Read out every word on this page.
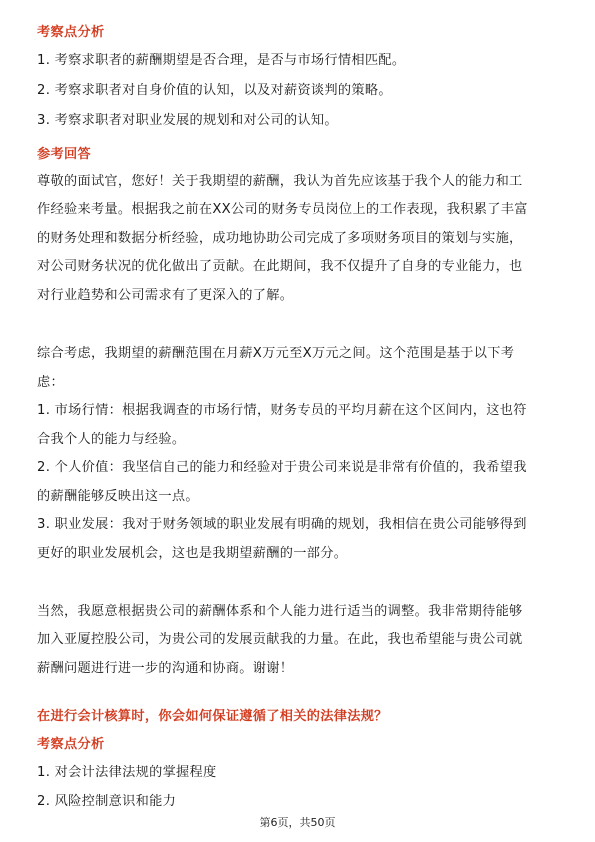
考察点分析

1. 考察求职者的薪酬期望是否合理，是否与市场行情相匹配。

2. 考察求职者对自身价值的认知，以及对薪资谈判的策略。

3. 考察求职者对职业发展的规划和对公司的认知。

参考回答

尊敬的面试官，您好！关于我期望的薪酬，我认为首先应该基于我个人的能力和工

作经验来考量。根据我之前在XX公司的财务专员岗位上的工作表现，我积累了丰富

的财务处理和数据分析经验，成功地协助公司完成了多项财务项目的策划与实施，

对公司财务状况的优化做出了贡献。在此期间，我不仅提升了自身的专业能力，也

对行业趋势和公司需求有了更深入的了解。

综合考虑，我期望的薪酬范围在月薪X万元至X万元之间。这个范围是基于以下考

虑：

1. 市场行情：根据我调查的市场行情，财务专员的平均月薪在这个区间内，这也符

合我个人的能力与经验。

2. 个人价值：我坚信自己的能力和经验对于贵公司来说是非常有价值的，我希望我

的薪酬能够反映出这一点。

3. 职业发展：我对于财务领域的职业发展有明确的规划，我相信在贵公司能够得到

更好的职业发展机会，这也是我期望薪酬的一部分。

当然，我愿意根据贵公司的薪酬体系和个人能力进行适当的调整。我非常期待能够

加入亚厦控股公司，为贵公司的发展贡献我的力量。在此，我也希望能与贵公司就

薪酬问题进行进一步的沟通和协商。谢谢！

在进行会计核算时，你会如何保证遵循了相关的法律法规？

考察点分析

1. 对会计法律法规的掌握程度

2. 风险控制意识和能力

第6页，共50页
